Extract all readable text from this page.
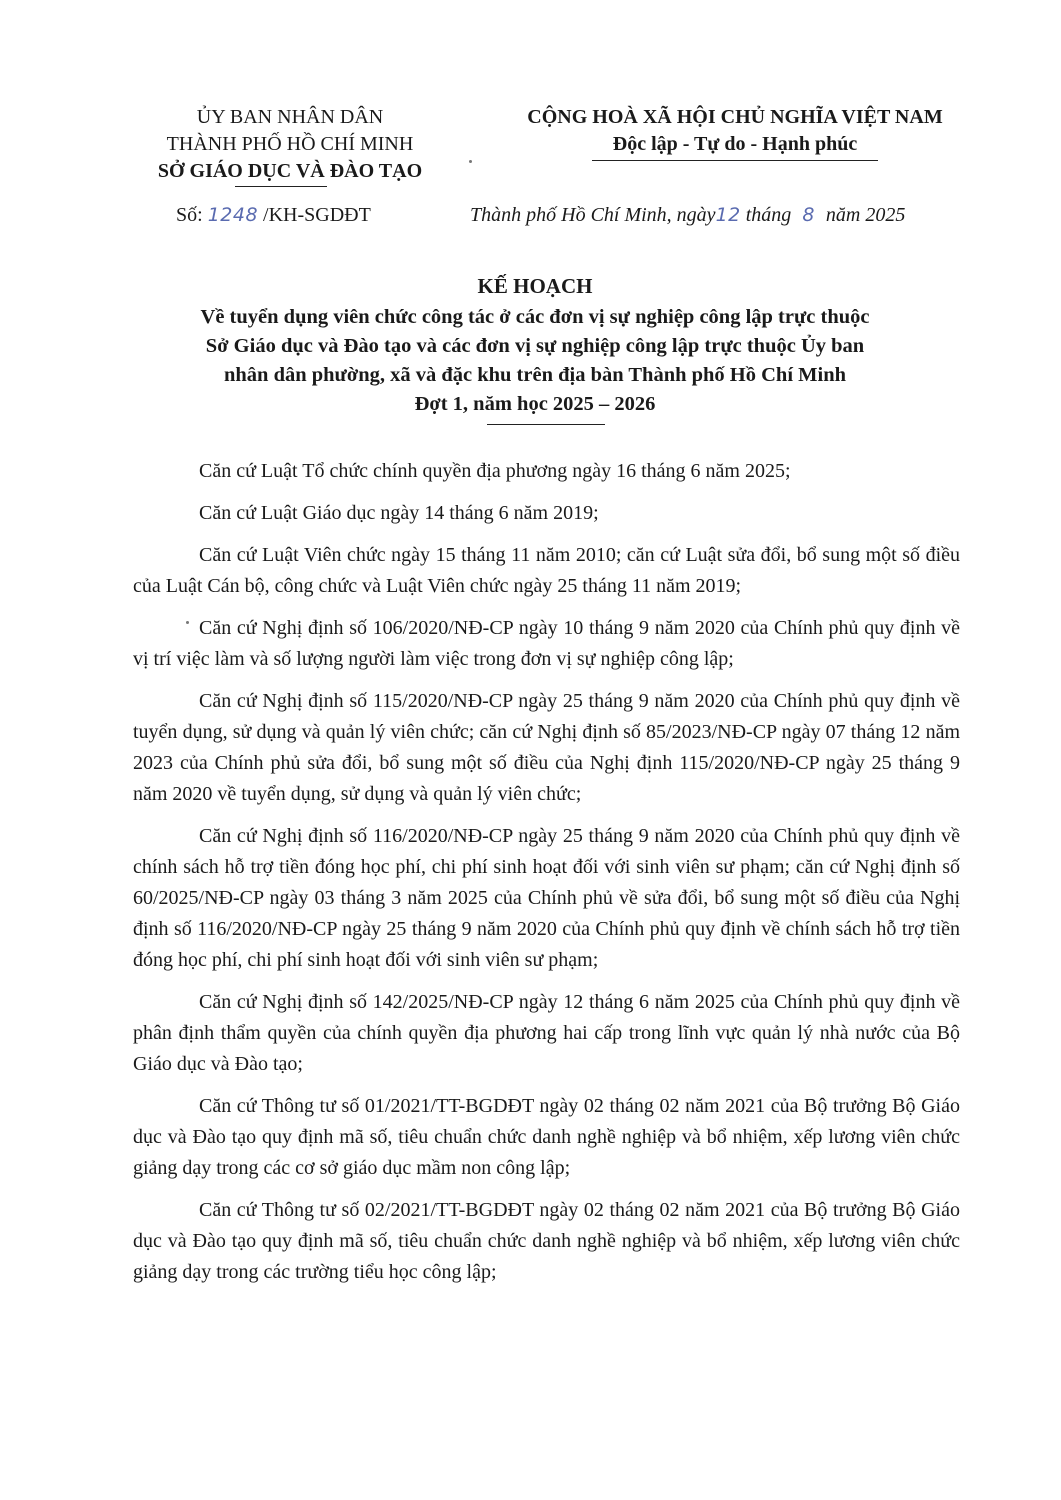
ỦY BAN NHÂN DÂN
THÀNH PHỐ HỒ CHÍ MINH
SỞ GIÁO DỤC VÀ ĐÀO TẠO
CỘNG HOÀ XÃ HỘI CHỦ NGHĨA VIỆT NAM
Độc lập - Tự do - Hạnh phúc
Số: 1248 /KH-SGDĐT	Thành phố Hồ Chí Minh, ngày12 tháng 8 năm 2025
KẾ HOẠCH
Về tuyển dụng viên chức công tác ở các đơn vị sự nghiệp công lập trực thuộc
Sở Giáo dục và Đào tạo và các đơn vị sự nghiệp công lập trực thuộc Ủy ban
nhân dân phường, xã và đặc khu trên địa bàn Thành phố Hồ Chí Minh
Đợt 1, năm học 2025 – 2026

Căn cứ Luật Tổ chức chính quyền địa phương ngày 16 tháng 6 năm 2025;

Căn cứ Luật Giáo dục ngày 14 tháng 6 năm 2019;

Căn cứ Luật Viên chức ngày 15 tháng 11 năm 2010; căn cứ Luật sửa đổi, bổ sung một số điều của Luật Cán bộ, công chức và Luật Viên chức ngày 25 tháng 11 năm 2019;

Căn cứ Nghị định số 106/2020/NĐ-CP ngày 10 tháng 9 năm 2020 của Chính phủ quy định về vị trí việc làm và số lượng người làm việc trong đơn vị sự nghiệp công lập;

Căn cứ Nghị định số 115/2020/NĐ-CP ngày 25 tháng 9 năm 2020 của Chính phủ quy định về tuyển dụng, sử dụng và quản lý viên chức; căn cứ Nghị định số 85/2023/NĐ-CP ngày 07 tháng 12 năm 2023 của Chính phủ sửa đổi, bổ sung một số điều của Nghị định 115/2020/NĐ-CP ngày 25 tháng 9 năm 2020 về tuyển dụng, sử dụng và quản lý viên chức;

Căn cứ Nghị định số 116/2020/NĐ-CP ngày 25 tháng 9 năm 2020 của Chính phủ quy định về chính sách hỗ trợ tiền đóng học phí, chi phí sinh hoạt đối với sinh viên sư phạm; căn cứ Nghị định số 60/2025/NĐ-CP ngày 03 tháng 3 năm 2025 của Chính phủ về sửa đổi, bổ sung một số điều của Nghị định số 116/2020/NĐ-CP ngày 25 tháng 9 năm 2020 của Chính phủ quy định về chính sách hỗ trợ tiền đóng học phí, chi phí sinh hoạt đối với sinh viên sư phạm;

Căn cứ Nghị định số 142/2025/NĐ-CP ngày 12 tháng 6 năm 2025 của Chính phủ quy định về phân định thẩm quyền của chính quyền địa phương hai cấp trong lĩnh vực quản lý nhà nước của Bộ Giáo dục và Đào tạo;

Căn cứ Thông tư số 01/2021/TT-BGDĐT ngày 02 tháng 02 năm 2021 của Bộ trưởng Bộ Giáo dục và Đào tạo quy định mã số, tiêu chuẩn chức danh nghề nghiệp và bổ nhiệm, xếp lương viên chức giảng dạy trong các cơ sở giáo dục mầm non công lập;

Căn cứ Thông tư số 02/2021/TT-BGDĐT ngày 02 tháng 02 năm 2021 của Bộ trưởng Bộ Giáo dục và Đào tạo quy định mã số, tiêu chuẩn chức danh nghề nghiệp và bổ nhiệm, xếp lương viên chức giảng dạy trong các trường tiểu học công lập;
